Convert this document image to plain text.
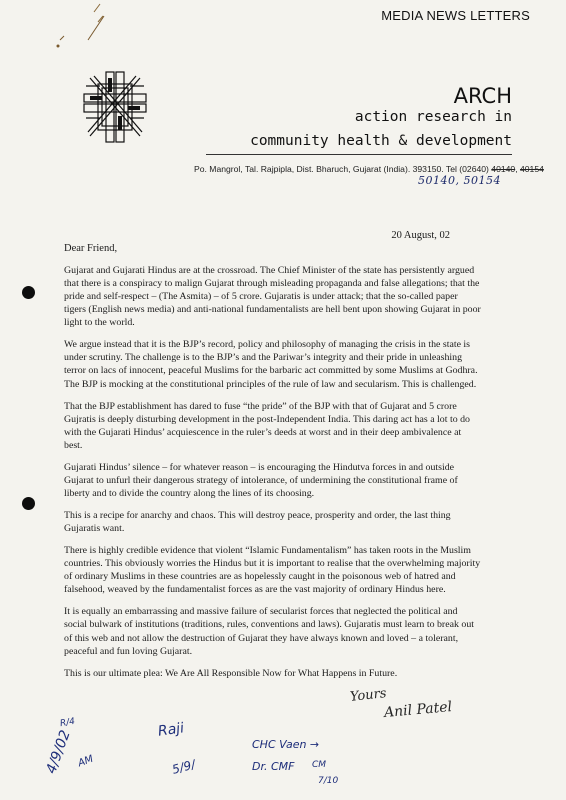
MEDIA NEWS LETTERS
ARCH
action research in
community health & development
Po. Mangrol, Tal. Rajpipla, Dist. Bharuch, Gujarat (India). 393150. Tel (02640) 40140, 40154
50140, 50154
20 August, 02
Dear Friend,

Gujarat and Gujarati Hindus are at the crossroad. The Chief Minister of the state has persistently argued that there is a conspiracy to malign Gujarat through misleading propaganda and false allegations; that the pride and self-respect – (The Asmita) – of 5 crore. Gujaratis is under attack; that the so-called paper tigers (English news media) and anti-national fundamentalists are hell bent upon showing Gujarat in poor light to the world.

We argue instead that it is the BJP’s record, policy and philosophy of managing the crisis in the state is under scrutiny. The challenge is to the BJP’s and the Pariwar’s integrity and their pride in unleashing terror on lacs of innocent, peaceful Muslims for the barbaric act committed by some Muslims at Godhra. The BJP is mocking at the constitutional principles of the rule of law and secularism. This is challenged.

That the BJP establishment has dared to fuse “the pride” of the BJP with that of Gujarat and 5 crore Gujratis is deeply disturbing development in the post-Independent India. This daring act has a lot to do with the Gujarati Hindus’ acquiescence in the ruler’s deeds at worst and in their deep ambivalence at best.

Gujarati Hindus’ silence – for whatever reason – is encouraging the Hindutva forces in and outside Gujarat to unfurl their dangerous strategy of intolerance, of undermining the constitutional frame of liberty and to divide the country along the lines of its choosing.

This is a recipe for anarchy and chaos. This will destroy peace, prosperity and order, the last thing Gujaratis want.

There is highly credible evidence that violent “Islamic Fundamentalism” has taken roots in the Muslim countries. This obviously worries the Hindus but it is important to realise that the overwhelming majority of ordinary Muslims in these countries are as hopelessly caught in the poisonous web of hatred and falsehood, weaved by the fundamentalist forces as are the vast majority of ordinary Hindus here.

It is equally an embarrassing and massive failure of secularist forces that neglected the political and social bulwark of institutions (traditions, rules, conventions and laws). Gujaratis must learn to break out of this web and not allow the destruction of Gujarat they have always known and loved – a tolerant, peaceful and fun loving Gujarat.

This is our ultimate plea: We Are All Responsible Now for What Happens in Future.

Yours
Anil Patel
R/4
4/9/02 AM
Raji
5/9/
CHC Vaen →
Dr. CMF CM
7/10
